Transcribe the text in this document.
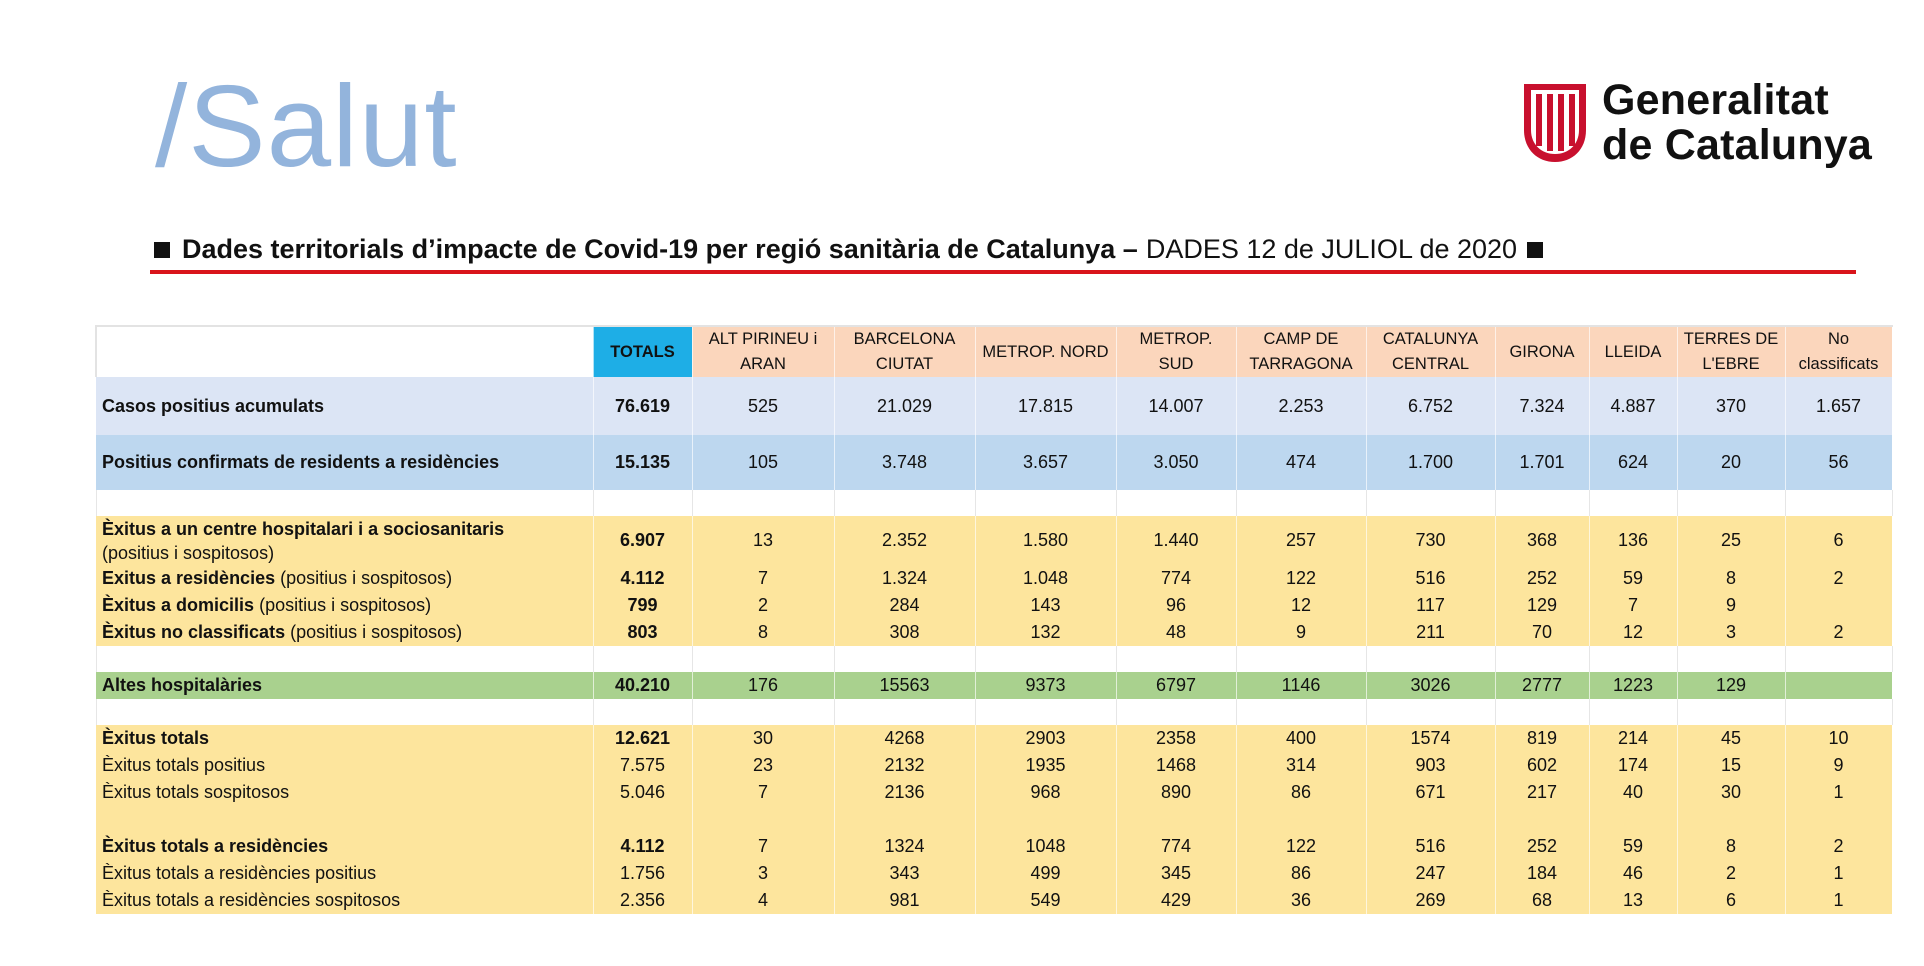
/Salut	Generalitat
de Catalunya
Dades territorials d’impacte de Covid-19 per regió sanitària de Catalunya – DADES 12 de JULIOL de 2020
	TOTALS	ALT PIRINEU i ARAN	BARCELONA CIUTAT	METROP. NORD	METROP. SUD	CAMP DE TARRAGONA	CATALUNYA CENTRAL	GIRONA	LLEIDA	TERRES DE L'EBRE	No classificats
Casos positius acumulats	76.619	525	21.029	17.815	14.007	2.253	6.752	7.324	4.887	370	1.657
Positius confirmats de residents a residències	15.135	105	3.748	3.657	3.050	474	1.700	1.701	624	20	56

Èxitus a un centre hospitalari i a sociosanitaris
(positius i sospitosos)	6.907	13	2.352	1.580	1.440	257	730	368	136	25	6
Exitus a residències (positius i sospitosos)	4.112	7	1.324	1.048	774	122	516	252	59	8	2
Èxitus a domicilis (positius i sospitosos)	799	2	284	143	96	12	117	129	7	9	
Èxitus no classificats (positius i sospitosos)	803	8	308	132	48	9	211	70	12	3	2

Altes hospitalàries	40.210	176	15563	9373	6797	1146	3026	2777	1223	129	

Èxitus totals	12.621	30	4268	2903	2358	400	1574	819	214	45	10
Èxitus totals positius	7.575	23	2132	1935	1468	314	903	602	174	15	9
Èxitus totals sospitosos	5.046	7	2136	968	890	86	671	217	40	30	1

Èxitus totals a residències	4.112	7	1324	1048	774	122	516	252	59	8	2
Èxitus totals a residències positius	1.756	3	343	499	345	86	247	184	46	2	1
Èxitus totals a residències sospitosos	2.356	4	981	549	429	36	269	68	13	6	1
